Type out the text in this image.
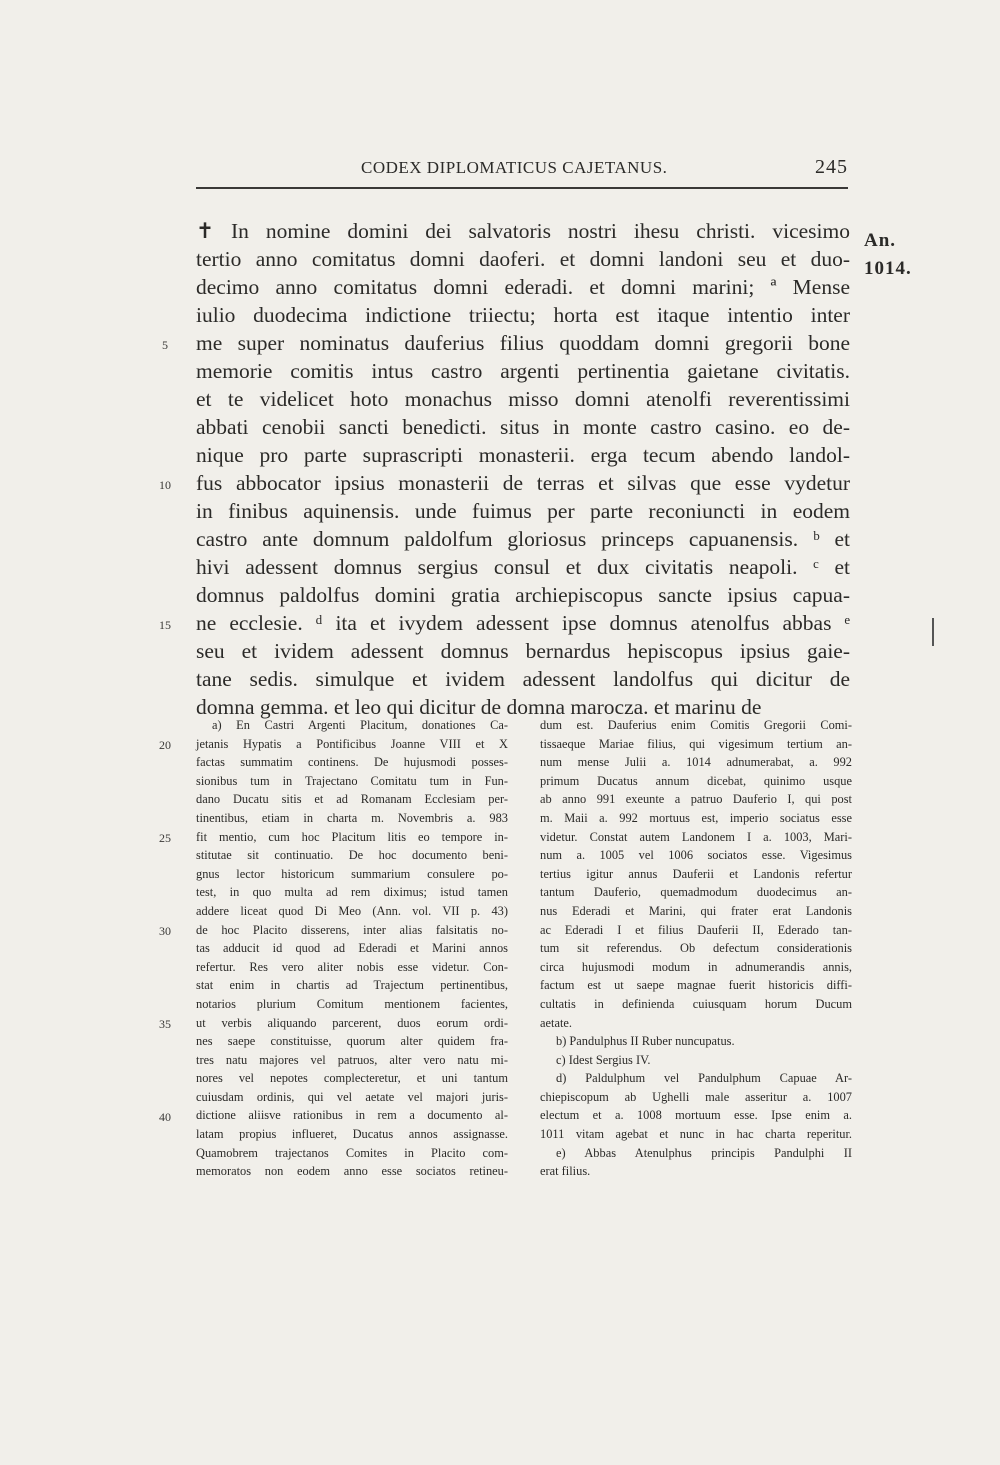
CODEX DIPLOMATICUS CAJETANUS.	245
An.
1014.
✝ In nomine domini dei salvatoris nostri ihesu christi. vicesimo
tertio anno comitatus domni daoferi. et domni landoni seu et duo-
decimo anno comitatus domni ederadi. et domni marini; ª Mense
iulio duodecima indictione triiectu; horta est itaque intentio inter
me super nominatus dauferius filius quoddam domni gregorii bone
memorie comitis intus castro argenti pertinentia gaietane civitatis.
et te videlicet hoto monachus misso domni atenolfi reverentissimi
abbati cenobii sancti benedicti. situs in monte castro casino. eo de-
nique pro parte suprascripti monasterii. erga tecum abendo landol-
fus abbocator ipsius monasterii de terras et silvas que esse vydetur
in finibus aquinensis. unde fuimus per parte reconiuncti in eodem
castro ante domnum paldolfum gloriosus princeps capuanensis. ᵇ et
hivi adessent domnus sergius consul et dux civitatis neapoli. ᶜ et
domnus paldolfus domini gratia archiepiscopus sancte ipsius capua-
ne ecclesie. ᵈ ita et ivydem adessent ipse domnus atenolfus abbas ᵉ
seu et ividem adessent domnus bernardus hepiscopus ipsius gaie-
tane sedis. simulque et ividem adessent landolfus qui dicitur de
domna gemma. et leo qui dicitur de domna marocza. et marinu de
5
10
15
20
25
30
35
40
a) En Castri Argenti Placitum, donationes Ca-
jetanis Hypatis a Pontificibus Joanne VIII et X
factas summatim continens. De hujusmodi posses-
sionibus tum in Trajectano Comitatu tum in Fun-
dano Ducatu sitis et ad Romanam Ecclesiam per-
tinentibus, etiam in charta m. Novembris a. 983
fit mentio, cum hoc Placitum litis eo tempore in-
stitutae sit continuatio. De hoc documento beni-
gnus lector historicum summarium consulere po-
test, in quo multa ad rem diximus; istud tamen
addere liceat quod Di Meo (Ann. vol. VII p. 43)
de hoc Placito disserens, inter alias falsitatis no-
tas adducit id quod ad Ederadi et Marini annos
refertur. Res vero aliter nobis esse videtur. Con-
stat enim in chartis ad Trajectum pertinentibus,
notarios plurium Comitum mentionem facientes,
ut verbis aliquando parcerent, duos eorum ordi-
nes saepe constituisse, quorum alter quidem fra-
tres natu majores vel patruos, alter vero natu mi-
nores vel nepotes complecteretur, et uni tantum
cuiusdam ordinis, qui vel aetate vel majori juris-
dictione aliisve rationibus in rem a documento al-
latam propius influeret, Ducatus annos assignasse.
Quamobrem trajectanos Comites in Placito com-
memoratos non eodem anno esse sociatos retineu-
dum est. Dauferius enim Comitis Gregorii Comi-
tissaeque Mariae filius, qui vigesimum tertium an-
num mense Julii a. 1014 adnumerabat, a. 992
primum Ducatus annum dicebat, quinimo usque
ab anno 991 exeunte a patruo Dauferio I, qui post
m. Maii a. 992 mortuus est, imperio sociatus esse
videtur. Constat autem Landonem I a. 1003, Mari-
num a. 1005 vel 1006 sociatos esse. Vigesimus
tertius igitur annus Dauferii et Landonis refertur
tantum Dauferio, quemadmodum duodecimus an-
nus Ederadi et Marini, qui frater erat Landonis
ac Ederadi I et filius Dauferii II, Ederado tan-
tum sit referendus. Ob defectum considerationis
circa hujusmodi modum in adnumerandis annis,
factum est ut saepe magnae fuerit historicis diffi-
cultatis in definienda cuiusquam horum Ducum
aetate.
b) Pandulphus II Ruber nuncupatus.
c) Idest Sergius IV.
d) Paldulphum vel Pandulphum Capuae Ar-
chiepiscopum ab Ughelli male asseritur a. 1007
electum et a. 1008 mortuum esse. Ipse enim a.
1011 vitam agebat et nunc in hac charta reperitur.
e) Abbas Atenulphus principis Pandulphi II
erat filius.
